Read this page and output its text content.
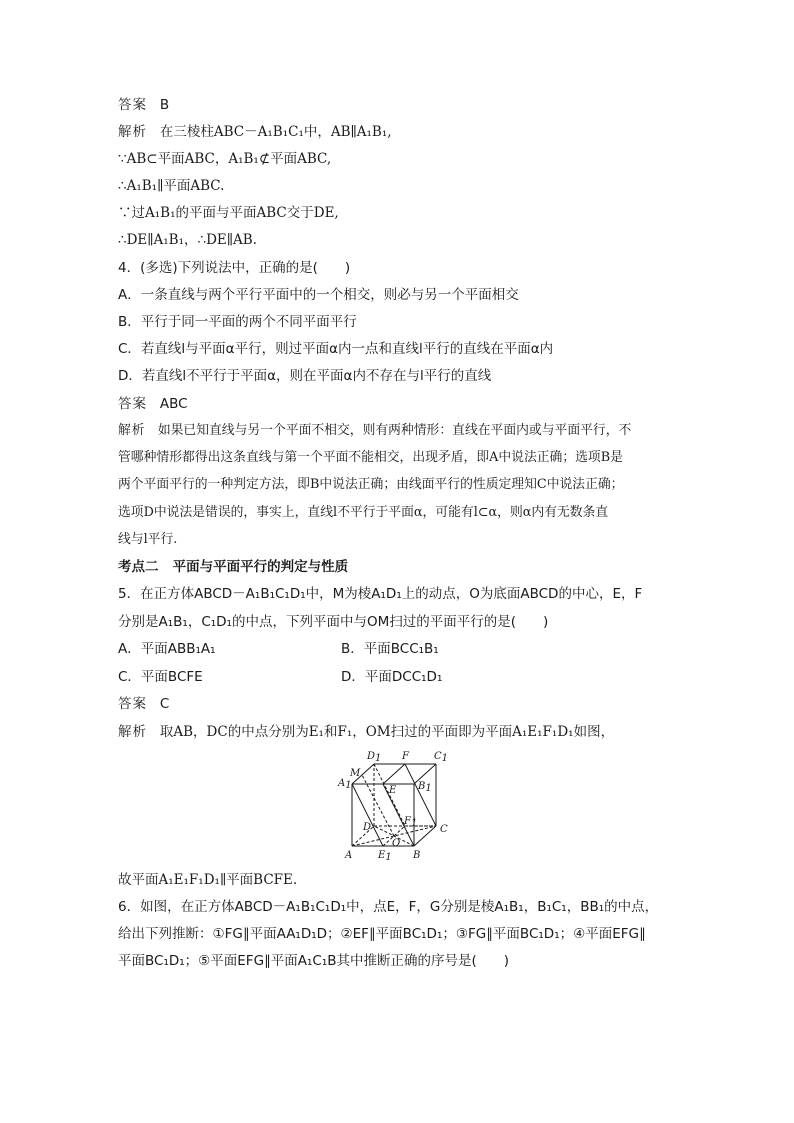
答案 B
解析 在三棱柱ABC－A₁B₁C₁中，AB∥A₁B₁,
∵AB⊂平面ABC，A₁B₁⊄平面ABC,
∴A₁B₁∥平面ABC.
∵过A₁B₁的平面与平面ABC交于DE,
∴DE∥A₁B₁，∴DE∥AB.
4．(多选)下列说法中，正确的是(　　)
A．一条直线与两个平行平面中的一个相交，则必与另一个平面相交
B．平行于同一平面的两个不同平面平行
C．若直线l与平面α平行，则过平面α内一点和直线l平行的直线在平面α内
D．若直线l不平行于平面α，则在平面α内不存在与l平行的直线
答案 ABC
解析 如果已知直线与另一个平面不相交，则有两种情形：直线在平面内或与平面平行，不
管哪种情形都得出这条直线与第一个平面不能相交，出现矛盾，即A中说法正确；选项B是
两个平面平行的一种判定方法，即B中说法正确；由线面平行的性质定理知C中说法正确；
选项D中说法是错误的，事实上，直线l不平行于平面α，可能有l⊂α，则α内有无数条直
线与l平行.
考点二 平面与平面平行的判定与性质
5．在正方体ABCD－A₁B₁C₁D₁中，M为棱A₁D₁上的动点，O为底面ABCD的中心，E，F
分别是A₁B₁，C₁D₁的中点，下列平面中与OM扫过的平面平行的是(　　)
A．平面ABB₁A₁	B．平面BCC₁B₁
C．平面BCFE	D．平面DCC₁D₁
答案 C
解析 取AB，DC的中点分别为E₁和F₁，OM扫过的平面即为平面A₁E₁F₁D₁如图，
D1 F	C1
M
A1	E B1
F1
D	C
O
A	E1 B
故平面A₁E₁F₁D₁∥平面BCFE.
6．如图，在正方体ABCD－A₁B₁C₁D₁中，点E，F，G分别是棱A₁B₁，B₁C₁，BB₁的中点，
给出下列推断：①FG∥平面AA₁D₁D；②EF∥平面BC₁D₁；③FG∥平面BC₁D₁；④平面EFG∥
平面BC₁D₁；⑤平面EFG∥平面A₁C₁B其中推断正确的序号是(　　)
